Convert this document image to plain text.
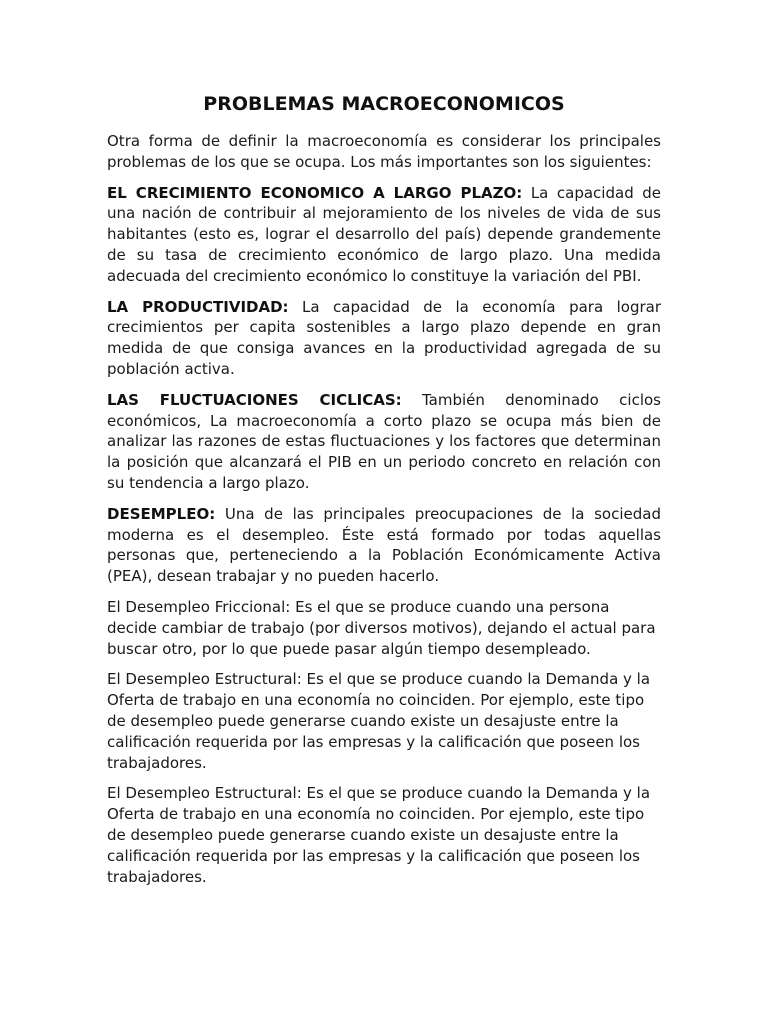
PROBLEMAS MACROECONOMICOS

Otra forma de definir la macroeconomía es considerar los principales problemas de los que se ocupa. Los más importantes son los siguientes:

EL CRECIMIENTO ECONOMICO A LARGO PLAZO: La capacidad de una nación de contribuir al mejoramiento de los niveles de vida de sus habitantes (esto es, lograr el desarrollo del país) depende grandemente de su tasa de crecimiento económico de largo plazo. Una medida adecuada del crecimiento económico lo constituye la variación del PBI.

LA PRODUCTIVIDAD: La capacidad de la economía para lograr crecimientos per capita sostenibles a largo plazo depende en gran medida de que consiga avances en la productividad agregada de su población activa.

LAS FLUCTUACIONES CICLICAS: También denominado ciclos económicos, La macroeconomía a corto plazo se ocupa más bien de analizar las razones de estas fluctuaciones y los factores que determinan la posición que alcanzará el PIB en un periodo concreto en relación con su tendencia a largo plazo.

DESEMPLEO: Una de las principales preocupaciones de la sociedad moderna es el desempleo. Éste está formado por todas aquellas personas que, perteneciendo a la Población Económicamente Activa (PEA), desean trabajar y no pueden hacerlo.

El Desempleo Friccional: Es el que se produce cuando una persona decide cambiar de trabajo (por diversos motivos), dejando el actual para buscar otro, por lo que puede pasar algún tiempo desempleado.

El Desempleo Estructural: Es el que se produce cuando la Demanda y la Oferta de trabajo en una economía no coinciden. Por ejemplo, este tipo de desempleo puede generarse cuando existe un desajuste entre la calificación requerida por las empresas y la calificación que poseen los trabajadores.

El Desempleo Estructural: Es el que se produce cuando la Demanda y la Oferta de trabajo en una economía no coinciden. Por ejemplo, este tipo de desempleo puede generarse cuando existe un desajuste entre la calificación requerida por las empresas y la calificación que poseen los trabajadores.
